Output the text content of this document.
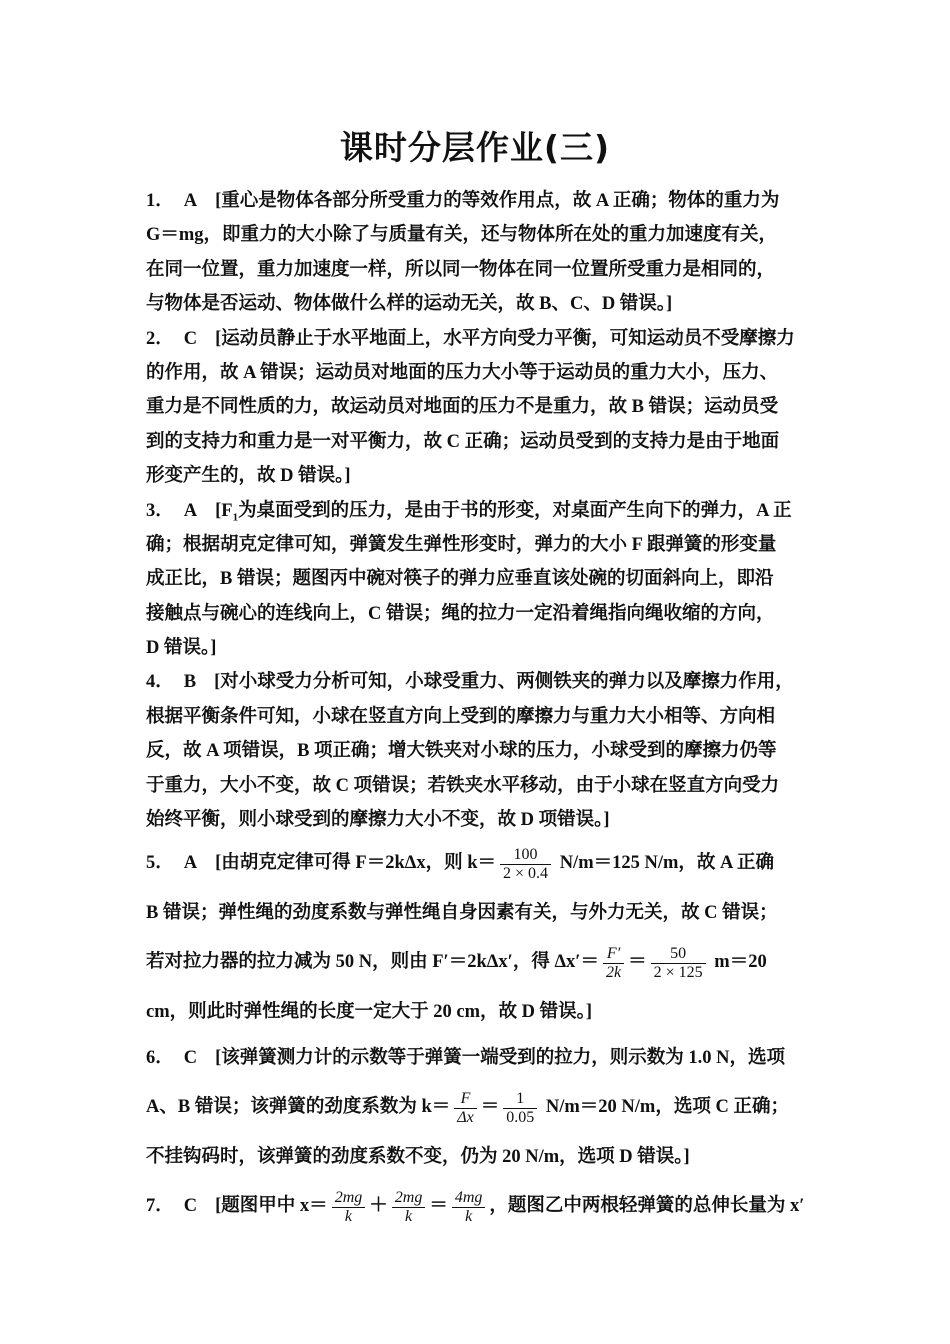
课时分层作业(三)
1． A [重心是物体各部分所受重力的等效作用点，故 A 正确；物体的重力为
G＝mg，即重力的大小除了与质量有关，还与物体所在处的重力加速度有关，
在同一位置，重力加速度一样，所以同一物体在同一位置所受重力是相同的，
与物体是否运动、物体做什么样的运动无关，故 B、C、D 错误。]
2． C [运动员静止于水平地面上，水平方向受力平衡，可知运动员不受摩擦力
的作用，故 A 错误；运动员对地面的压力大小等于运动员的重力大小，压力、
重力是不同性质的力，故运动员对地面的压力不是重力，故 B 错误；运动员受
到的支持力和重力是一对平衡力，故 C 正确；运动员受到的支持力是由于地面
形变产生的，故 D 错误。]
3． A [$F_1$为桌面受到的压力，是由于书的形变，对桌面产生向下的弹力，A 正
确；根据胡克定律可知，弹簧发生弹性形变时，弹力的大小 F 跟弹簧的形变量
成正比，B 错误；题图丙中碗对筷子的弹力应垂直该处碗的切面斜向上，即沿
接触点与碗心的连线向上，C 错误；绳的拉力一定沿着绳指向绳收缩的方向，
D 错误。]
4． B [对小球受力分析可知，小球受重力、两侧铁夹的弹力以及摩擦力作用，
根据平衡条件可知，小球在竖直方向上受到的摩擦力与重力大小相等、方向相
反，故 A 项错误，B 项正确；增大铁夹对小球的压力，小球受到的摩擦力仍等
于重力，大小不变，故 C 项错误；若铁夹水平移动，由于小球在竖直方向受力
始终平衡，则小球受到的摩擦力大小不变，故 D 项错误。]
5． A [由胡克定律可得 F＝2kΔx，则 $k= \frac{100}{2 \times 0.4} N/m=125$ N/m，故 A 正确
B 错误；弹性绳的劲度系数与弹性绳自身因素有关，与外力无关，故 C 错误；
若对拉力器的拉力减为 50 N，则由 F′＝2kΔx′，得 $\Delta x'= \frac{F'}{2k} = \frac{50}{2 \times 125} m=20$
cm，则此时弹性绳的长度一定大于 20 cm，故 D 错误。]
6． C [该弹簧测力计的示数等于弹簧一端受到的拉力，则示数为 1.0 N，选项
A、B 错误；该弹簧的劲度系数为 $k= \frac{F}{\Delta x} = \frac{1}{0.05} N/m=20$ N/m，选项 C 正确；
不挂钩码时，该弹簧的劲度系数不变，仍为 20 N/m，选项 D 错误。]
7． C [题图甲中 $x= \frac{2mg}{k} + \frac{2mg}{k} = \frac{4mg}{k}$ ，题图乙中两根轻弹簧的总伸长量为 x′
